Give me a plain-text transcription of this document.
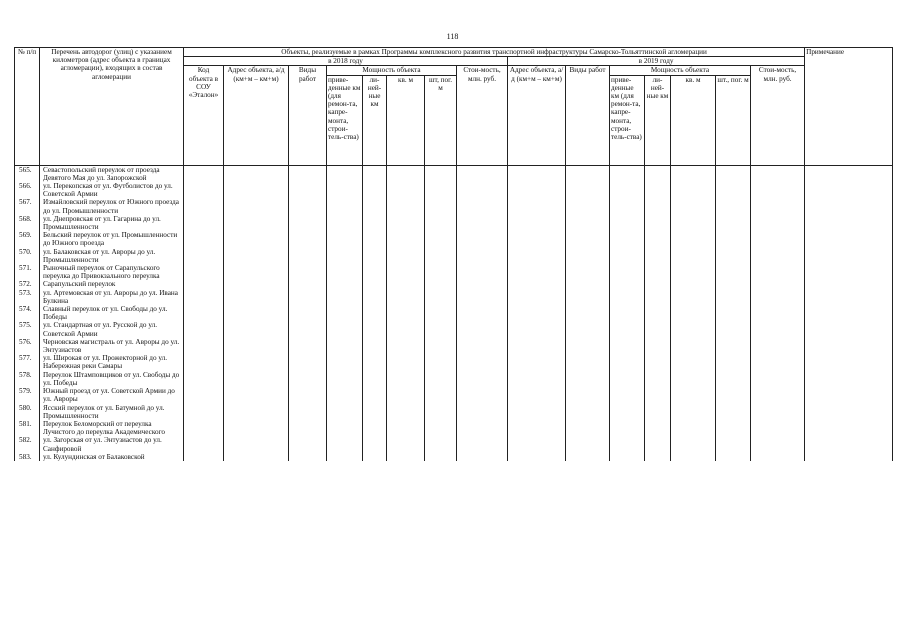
118
№ п/п	Перечень автодорог (улиц) с указанием километров (адрес объекта в границах агломерации), входящих в состав агломерации	Объекты, реализуемые в рамках Программы комплексного развития транспортной инфраструктуры Самарско-Тольяттинской агломерации															Примечание
		в 2018 году								в 2019 году							
		Код объекта в СОУ «Эталон»	Адрес объекта, а/д (км+м – км+м)	Виды работ	Мощность объекта				Стои-мость, млн. руб.	Адрес объекта, а/д (км+м – км+м)	Виды работ	Мощность объекта				Стои-мость, млн. руб.	
					приве-денные км (для ремон-та, капре-монта, строи-тель-ства)	ли-ней-ные км	кв. м	шт, пог. м				приве-денные км (для ремон-та, капре-монта, строи-тель-ства)	ли-ней-ные км	кв. м	шт., пог. м		
565.	Севастопольский переулок от проезда Девятого Мая до ул. Запорожской																
566.	ул. Перекопская от ул. Футболистов до ул. Советской Армии																
567.	Измайловский переулок от Южного проезда до ул. Промышленности																
568.	ул. Днепровская от ул. Гагарина до ул. Промышленности																
569.	Бельский переулок от ул. Промышленности до Южного проезда																
570.	ул. Балаковская от ул. Авроры до ул. Промышленности																
571.	Рыночный переулок от Сарапульского переулка до Привокзального переулка																
572.	Сарапульский переулок																
573.	ул. Артемовская от ул. Авроры до ул. Ивана Булкина																
574.	Славный переулок от ул. Свободы до ул. Победы																
575.	ул. Стандартная от ул. Русской до ул. Советской Армии																
576.	Черновская магистраль от ул. Авроры до ул. Энтузиастов																
577.	ул. Широкая от ул. Прожекторной до ул. Набережная реки Самары																
578.	Переулок Штамповщиков от ул. Свободы до ул. Победы																
579.	Южный проезд от ул. Советской Армии до ул. Авроры																
580.	Ясский переулок от ул. Батумной до ул. Промышленности																
581.	Переулок Беломорский от переулка Лучистого до переулка Академического																
582.	ул. Загорская от ул. Энтузиастов до ул. Санфировой																
583.	ул. Кулундинская от Балаковской																
